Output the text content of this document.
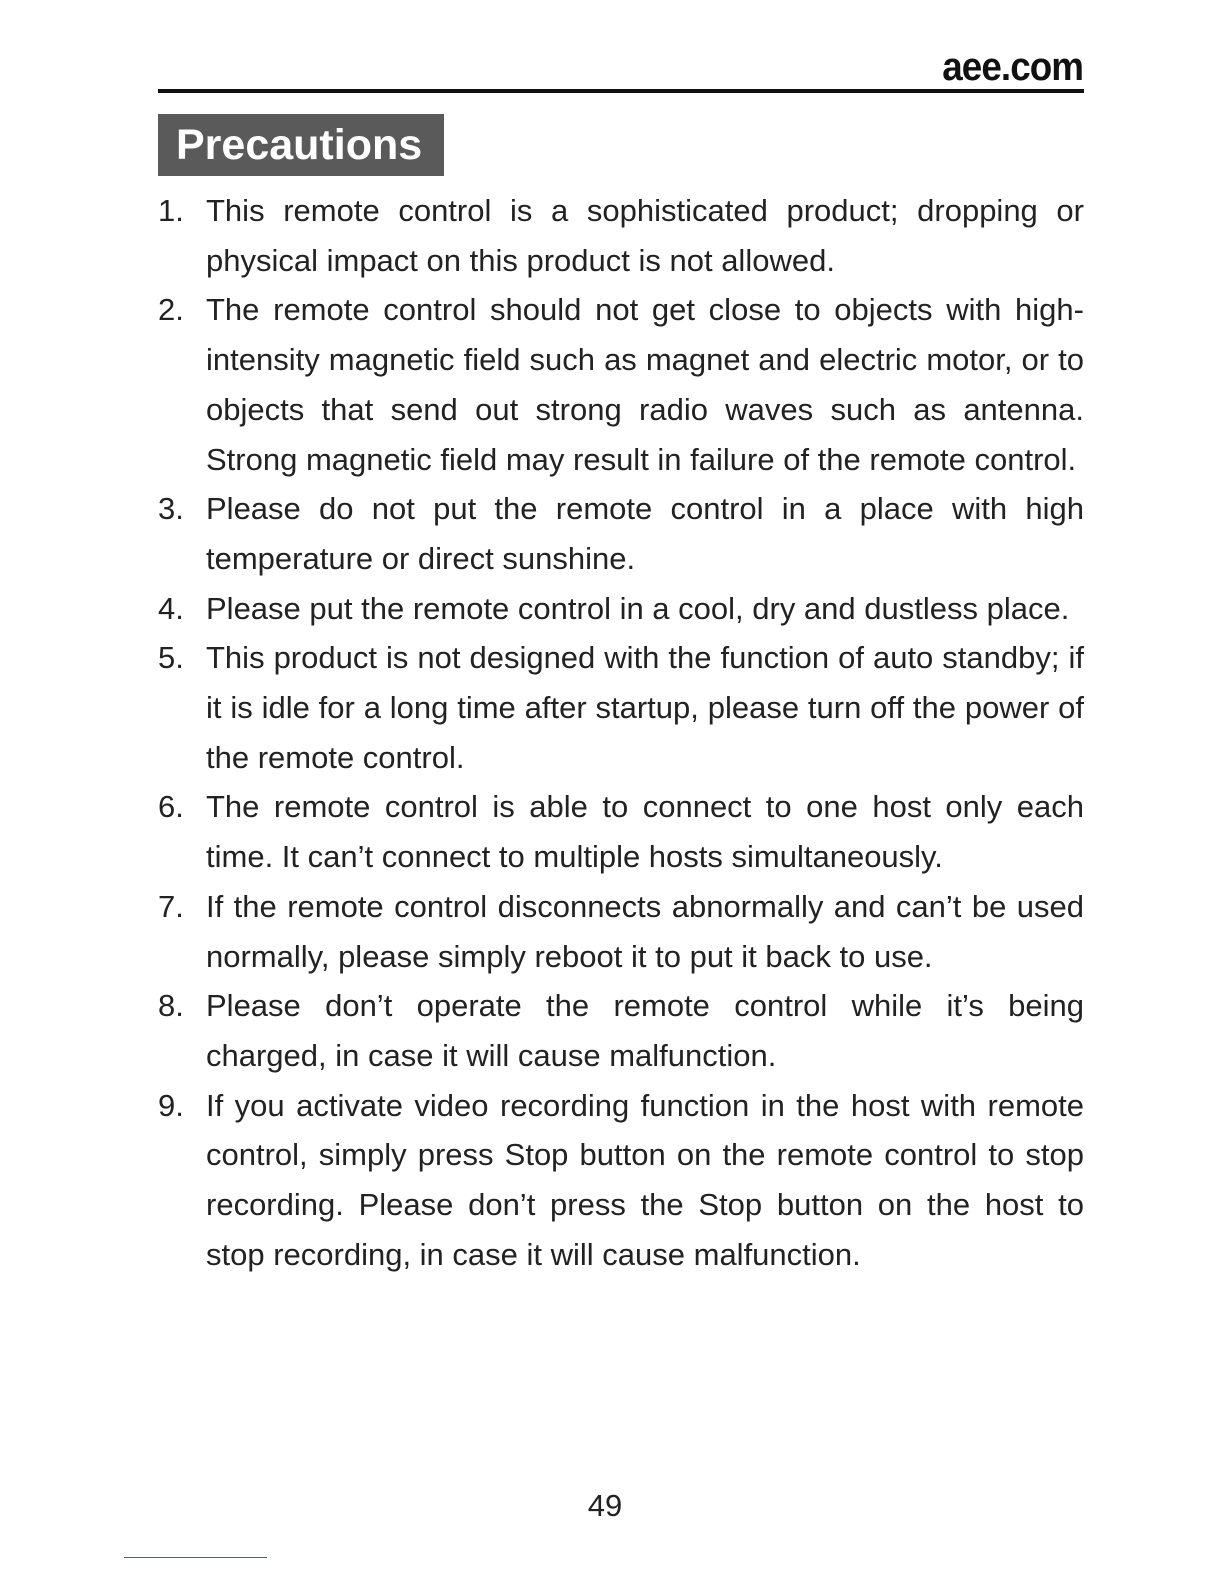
aee.com
Precautions
1. This remote control is a sophisticated product; dropping or physical impact on this product is not allowed.
2. The remote control should not get close to objects with high-intensity magnetic field such as magnet and electric motor, or to objects that send out strong radio waves such as antenna. Strong magnetic field may result in failure of the remote control.
3. Please do not put the remote control in a place with high temperature or direct sunshine.
4. Please put the remote control in a cool, dry and dustless place.
5. This product is not designed with the function of auto standby; if it is idle for a long time after startup, please turn off the power of the remote control.
6. The remote control is able to connect to one host only each time. It can’t connect to multiple hosts simultaneously.
7. If the remote control disconnects abnormally and can’t be used normally, please simply reboot it to put it back to use.
8. Please don’t operate the remote control while it’s being charged, in case it will cause malfunction.
9. If you activate video recording function in the host with remote control, simply press Stop button on the remote control to stop recording. Please don’t press the Stop button on the host to stop recording, in case it will cause malfunction.
49
